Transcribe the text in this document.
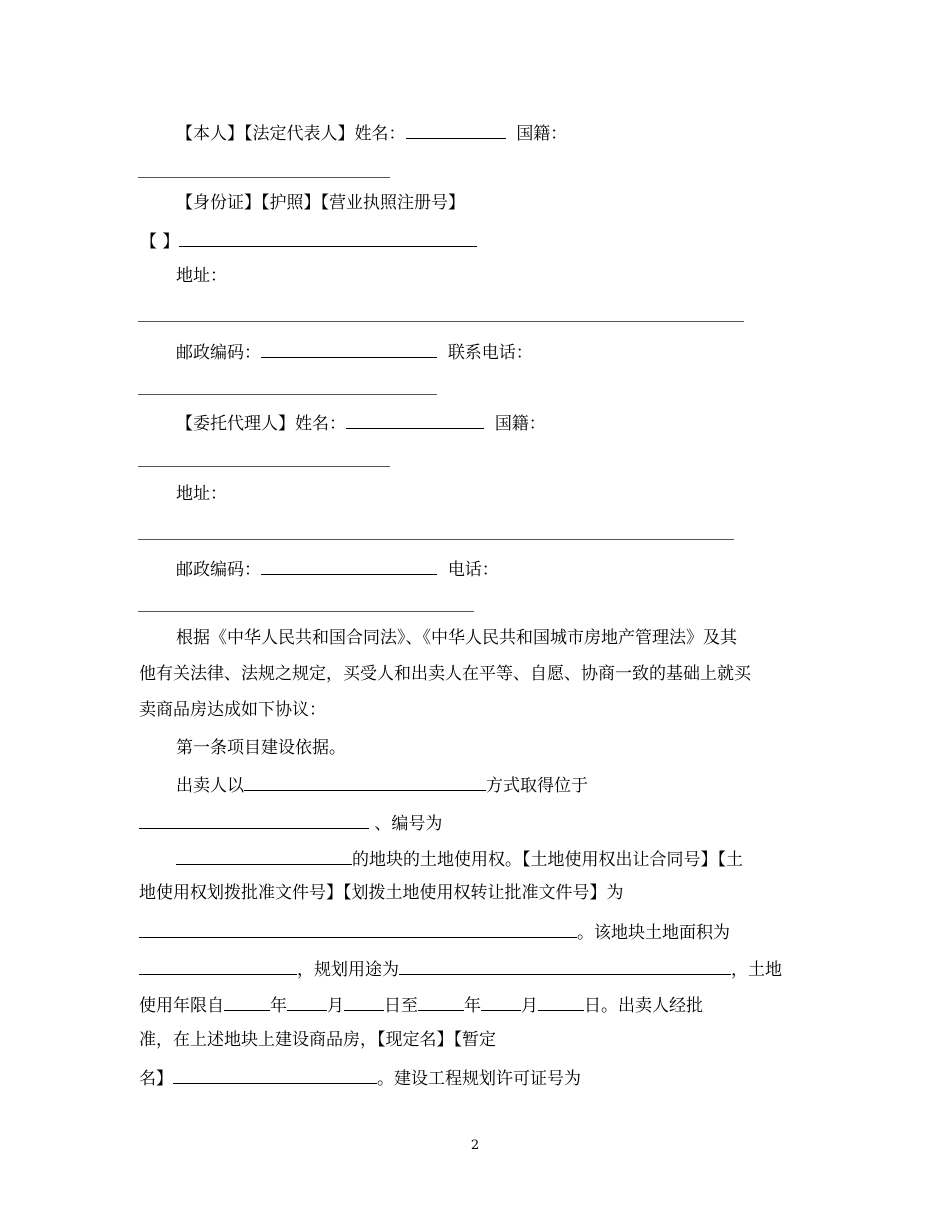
【本人】【法定代表人】姓名：	国籍：
【身份证】【护照】【营业执照注册号】
【 】
地址：
邮政编码：	联系电话：
【委托代理人】姓名：	国籍：
地址：
邮政编码：	电话：
根据《中华人民共和国合同法》、《中华人民共和国城市房地产管理法》及其
他有关法律、法规之规定，买受人和出卖人在平等、自愿、协商一致的基础上就买
卖商品房达成如下协议：
第一条项目建设依据。
出卖人以	方式取得位于
、编号为
的地块的土地使用权。【土地使用权出让合同号】【土
地使用权划拨批准文件号】【划拨土地使用权转让批准文件号】为
。该地块土地面积为
，规划用途为	，土地
使用年限自	年 月 日至	年 月	日。出卖人经批
准，在上述地块上建设商品房，【现定名】【暂定
名】	。建设工程规划许可证号为
2
